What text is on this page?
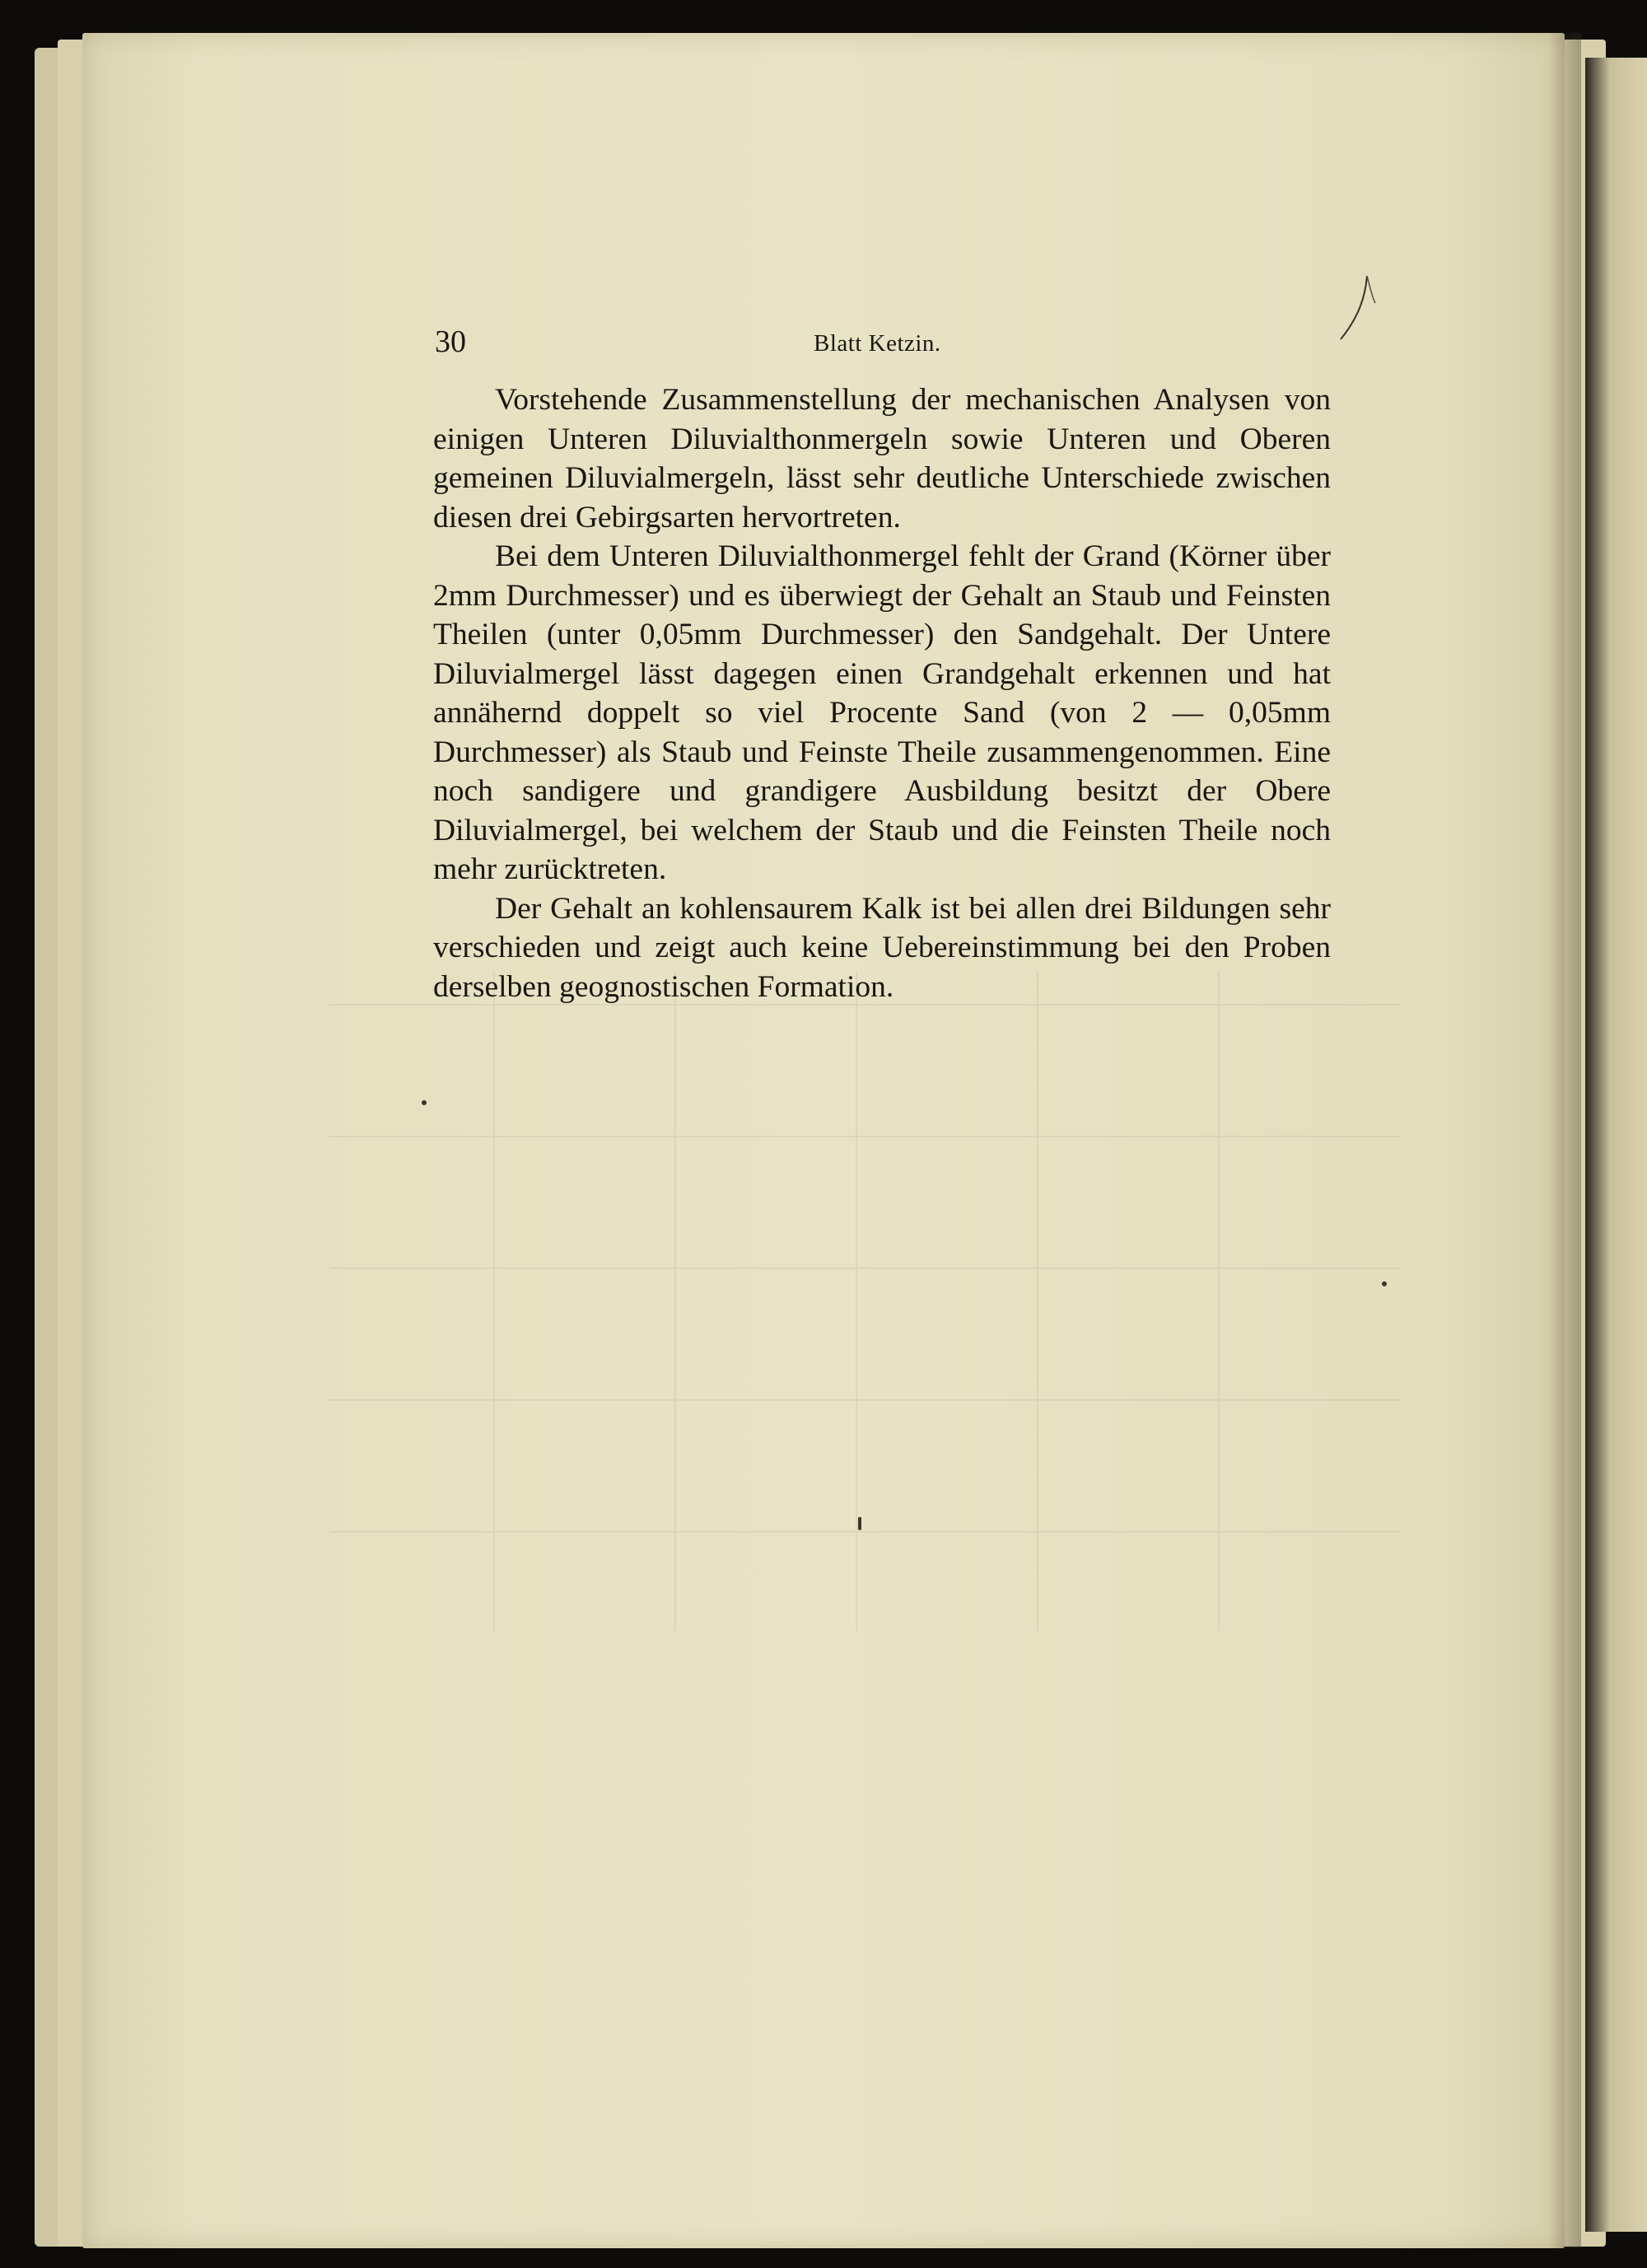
30	Blatt Ketzin.

Vorstehende Zusammenstellung der mechanischen Analysen von einigen Unteren Diluvialthonmergeln sowie Unteren und Oberen gemeinen Diluvialmergeln, lässt sehr deutliche Unterschiede zwischen diesen drei Gebirgsarten hervortreten.

Bei dem Unteren Diluvialthonmergel fehlt der Grand (Körner über 2mm Durchmesser) und es überwiegt der Gehalt an Staub und Feinsten Theilen (unter 0,05mm Durchmesser) den Sandgehalt. Der Untere Diluvialmergel lässt dagegen einen Grandgehalt erkennen und hat annähernd doppelt so viel Procente Sand (von 2 — 0,05mm Durchmesser) als Staub und Feinste Theile zusammengenommen. Eine noch sandigere und grandigere Ausbildung besitzt der Obere Diluvialmergel, bei welchem der Staub und die Feinsten Theile noch mehr zurücktreten.

Der Gehalt an kohlensaurem Kalk ist bei allen drei Bildungen sehr verschieden und zeigt auch keine Uebereinstimmung bei den Proben derselben geognostischen Formation.
